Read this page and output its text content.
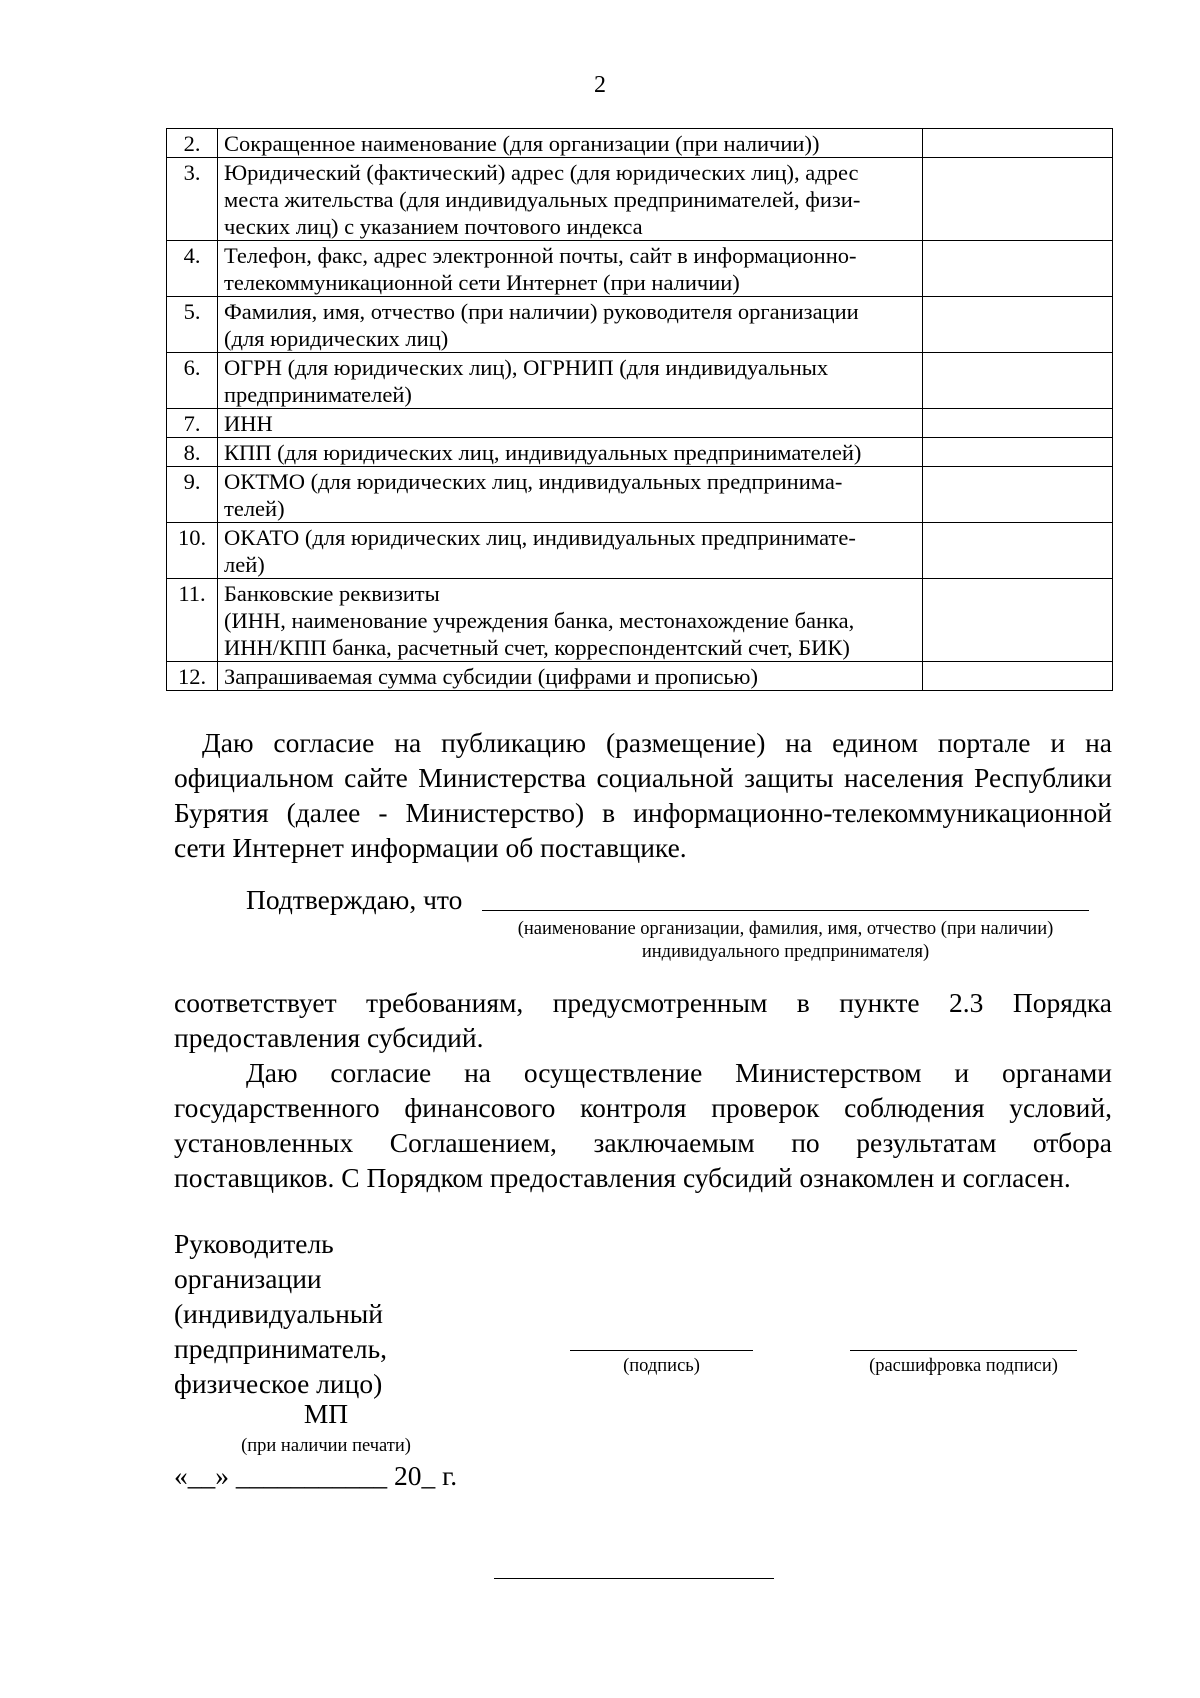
2
2.	Сокращенное наименование (для организации (при наличии))	

3.	Юридический (фактический) адрес (для юридических лиц), адрес
места жительства (для индивидуальных предпринимателей, физи-
ческих лиц) с указанием почтового индекса	

4.	Телефон, факс, адрес электронной почты, сайт в информационно-
телекоммуникационной сети Интернет (при наличии)	

5.	Фамилия, имя, отчество (при наличии) руководителя организации
(для юридических лиц)	

6.	ОГРН (для юридических лиц), ОГРНИП (для индивидуальных
предпринимателей)	

7.	ИНН	

8.	КПП (для юридических лиц, индивидуальных предпринимателей)	

9.	ОКТМО (для юридических лиц, индивидуальных предпринима-
телей)	

10.	ОКАТО (для юридических лиц, индивидуальных предпринимате-
лей)	

11.	Банковские реквизиты
(ИНН, наименование учреждения банка, местонахождение банка,
ИНН/КПП банка, расчетный счет, корреспондентский счет, БИК)	

12.	Запрашиваемая сумма субсидии (цифрами и прописью)	

Даю согласие на публикацию (размещение) на едином портале и на официальном сайте Министерства социальной защиты населения Республики Бурятия (далее - Министерство) в информационно-телекоммуникационной сети Интернет информации об поставщике.

Подтверждаю, что
(наименование организации, фамилия, имя, отчество (при наличии) индивидуального предпринимателя)

соответствует требованиям, предусмотренным в пункте 2.3 Порядка предоставления субсидий.

Даю согласие на осуществление Министерством и органами государственного финансового контроля проверок соблюдения условий, установленных Соглашением, заключаемым по результатам отбора поставщиков. С Порядком предоставления субсидий ознакомлен и согласен.

Руководитель организации (индивидуальный предприниматель, физическое лицо)

(подпись)	(расшифровка подписи)
МП
(при наличии печати)
«__» ___________ 20_ г.
